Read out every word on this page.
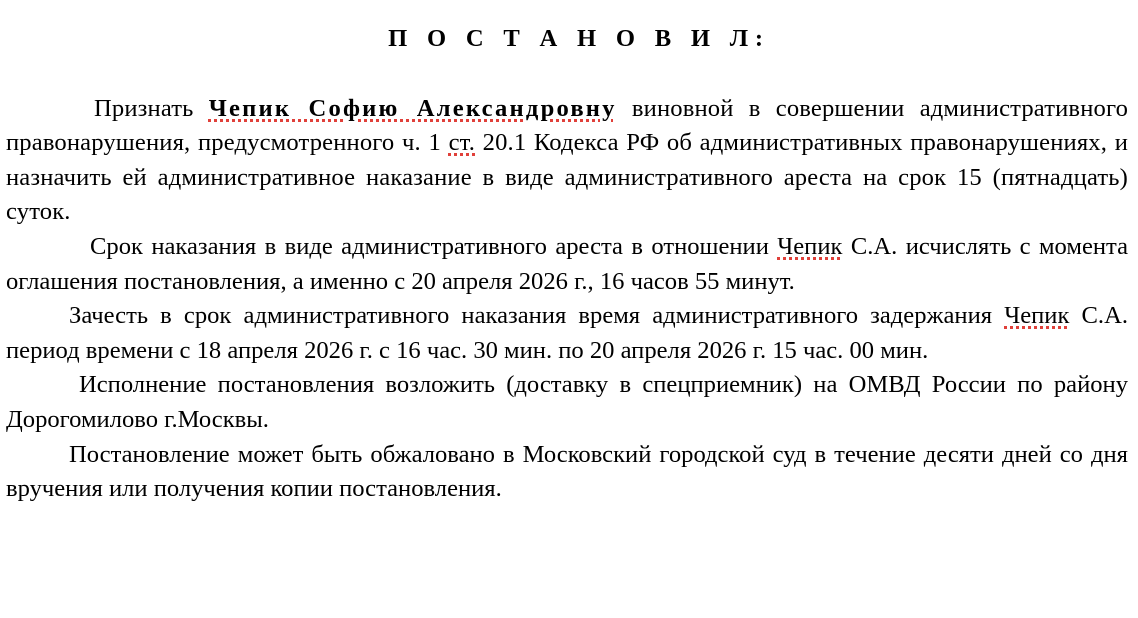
П О С Т А Н О В И Л:

Признать Чепик Софию Александровну виновной в совершении административного правонарушения, предусмотренного ч. 1 ст. 20.1 Кодекса РФ об административных правонарушениях, и назначить ей административное наказание в виде административного ареста на срок 15 (пятнадцать) суток.

Срок наказания в виде административного ареста в отношении Чепик С.А. исчислять с момента оглашения постановления, а именно с 20 апреля 2026 г., 16 часов 55 минут.

Зачесть в срок административного наказания время административного задержания Чепик С.А. период времени с 18 апреля 2026 г. с 16 час. 30 мин. по 20 апреля 2026 г. 15 час. 00 мин.

Исполнение постановления возложить (доставку в спецприемник) на ОМВД России по району Дорогомилово г.Москвы.

Постановление может быть обжаловано в Московский городской суд в течение десяти дней со дня вручения или получения копии постановления.
